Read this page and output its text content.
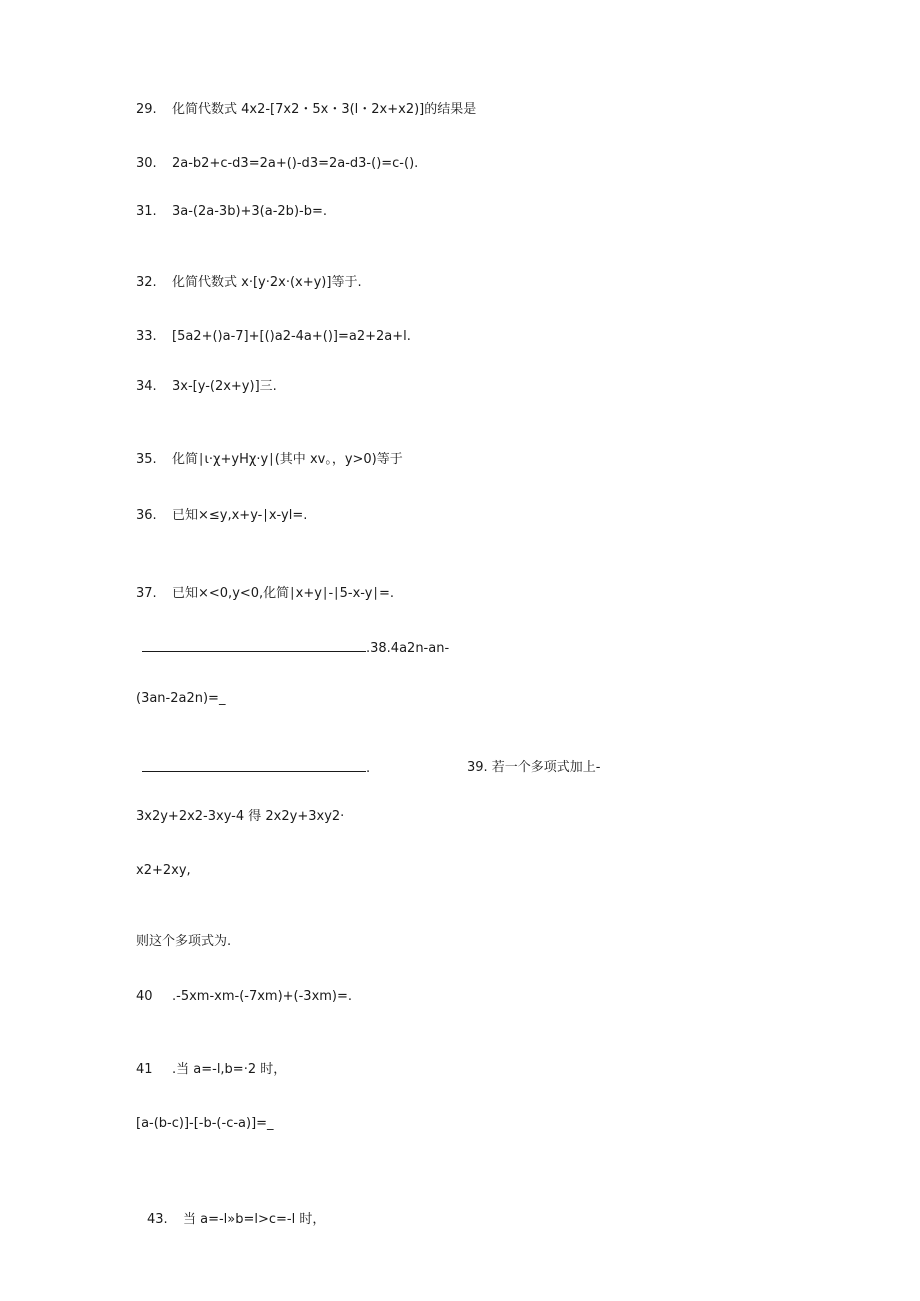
29. 化简代数式 4x2-[7x2・5x・3(l・2x+x2)]的结果是
30. 2a-b2+c-d3=2a+()-d3=2a-d3-()=c-().
31. 3a-(2a-3b)+3(a-2b)-b=.
32. 化简代数式 x·[y·2x·(x+y)]等于.
33. [5a2+()a-7]+[()a2-4a+()]=a2+2a+l.
34. 3x-[y-(2x+y)]三.
35. 化简∣ι·χ+yHχ·y∣(其中 xv。，y>0)等于
36. 已知×≤y,x+y-∣x-yl=.
37. 已知×<0,y<0,化简∣x+y∣-∣5-x-y∣=.
.38.4a2n-an-
(3an-2a2n)=_
.	39. 若一个多项式加上-
3x2y+2x2-3xy-4 得 2x2y+3xy2·
x2+2xy,
则这个多项式为.
40 .-5xm-xm-(-7xm)+(-3xm)=.
41 .当 a=-l,b=·2 时，
[a-(b-c)]-[-b-(-c-a)]=_
43. 当 a=-l»b=l>c=-l 时，
